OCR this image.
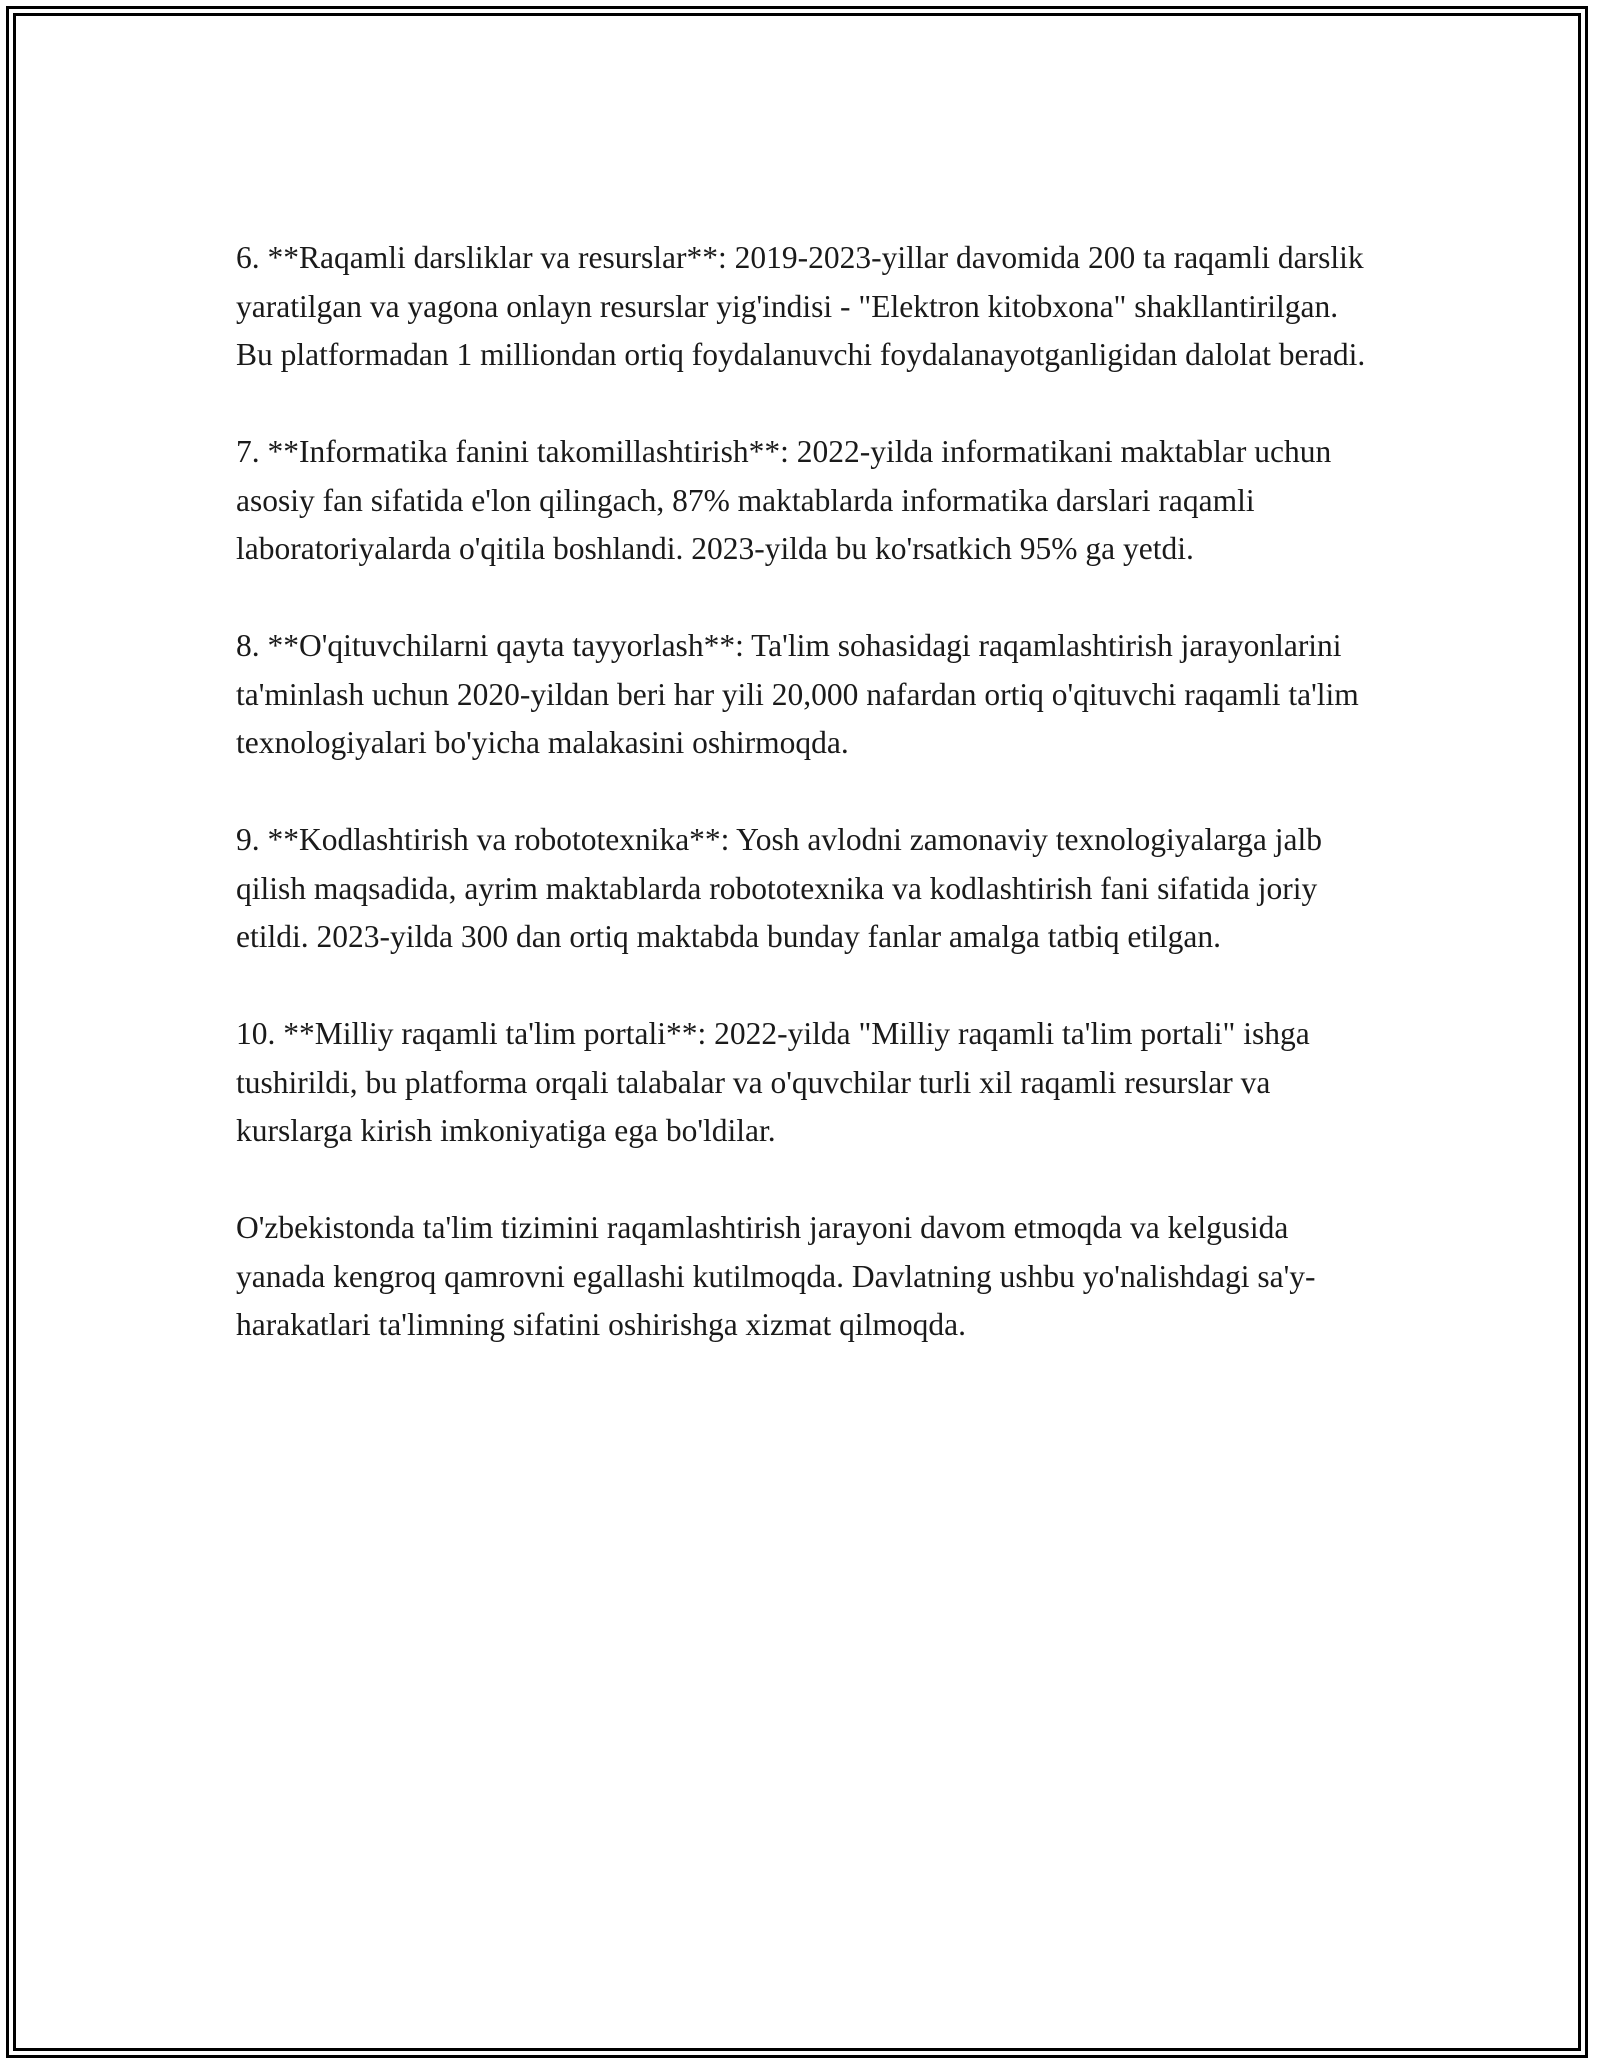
6. **Raqamli darsliklar va resurslar**: 2019-2023-yillar davomida 200 ta raqamli darslik yaratilgan va yagona onlayn resurslar yig'indisi - "Elektron kitobxona" shakllantirilgan. Bu platformadan 1 milliondan ortiq foydalanuvchi foydalanayotganligidan dalolat beradi.

7. **Informatika fanini takomillashtirish**: 2022-yilda informatikani maktablar uchun asosiy fan sifatida e'lon qilingach, 87% maktablarda informatika darslari raqamli laboratoriyalarda o'qitila boshlandi. 2023-yilda bu ko'rsatkich 95% ga yetdi.

8. **O'qituvchilarni qayta tayyorlash**: Ta'lim sohasidagi raqamlashtirish jarayonlarini ta'minlash uchun 2020-yildan beri har yili 20,000 nafardan ortiq o'qituvchi raqamli ta'lim texnologiyalari bo'yicha malakasini oshirmoqda.

9. **Kodlashtirish va robototexnika**: Yosh avlodni zamonaviy texnologiyalarga jalb qilish maqsadida, ayrim maktablarda robototexnika va kodlashtirish fani sifatida joriy etildi. 2023-yilda 300 dan ortiq maktabda bunday fanlar amalga tatbiq etilgan.

10. **Milliy raqamli ta'lim portali**: 2022-yilda "Milliy raqamli ta'lim portali" ishga tushirildi, bu platforma orqali talabalar va o'quvchilar turli xil raqamli resurslar va kurslarga kirish imkoniyatiga ega bo'ldilar.

O'zbekistonda ta'lim tizimini raqamlashtirish jarayoni davom etmoqda va kelgusida yanada kengroq qamrovni egallashi kutilmoqda. Davlatning ushbu yo'nalishdagi sa'y-harakatlari ta'limning sifatini oshirishga xizmat qilmoqda.
